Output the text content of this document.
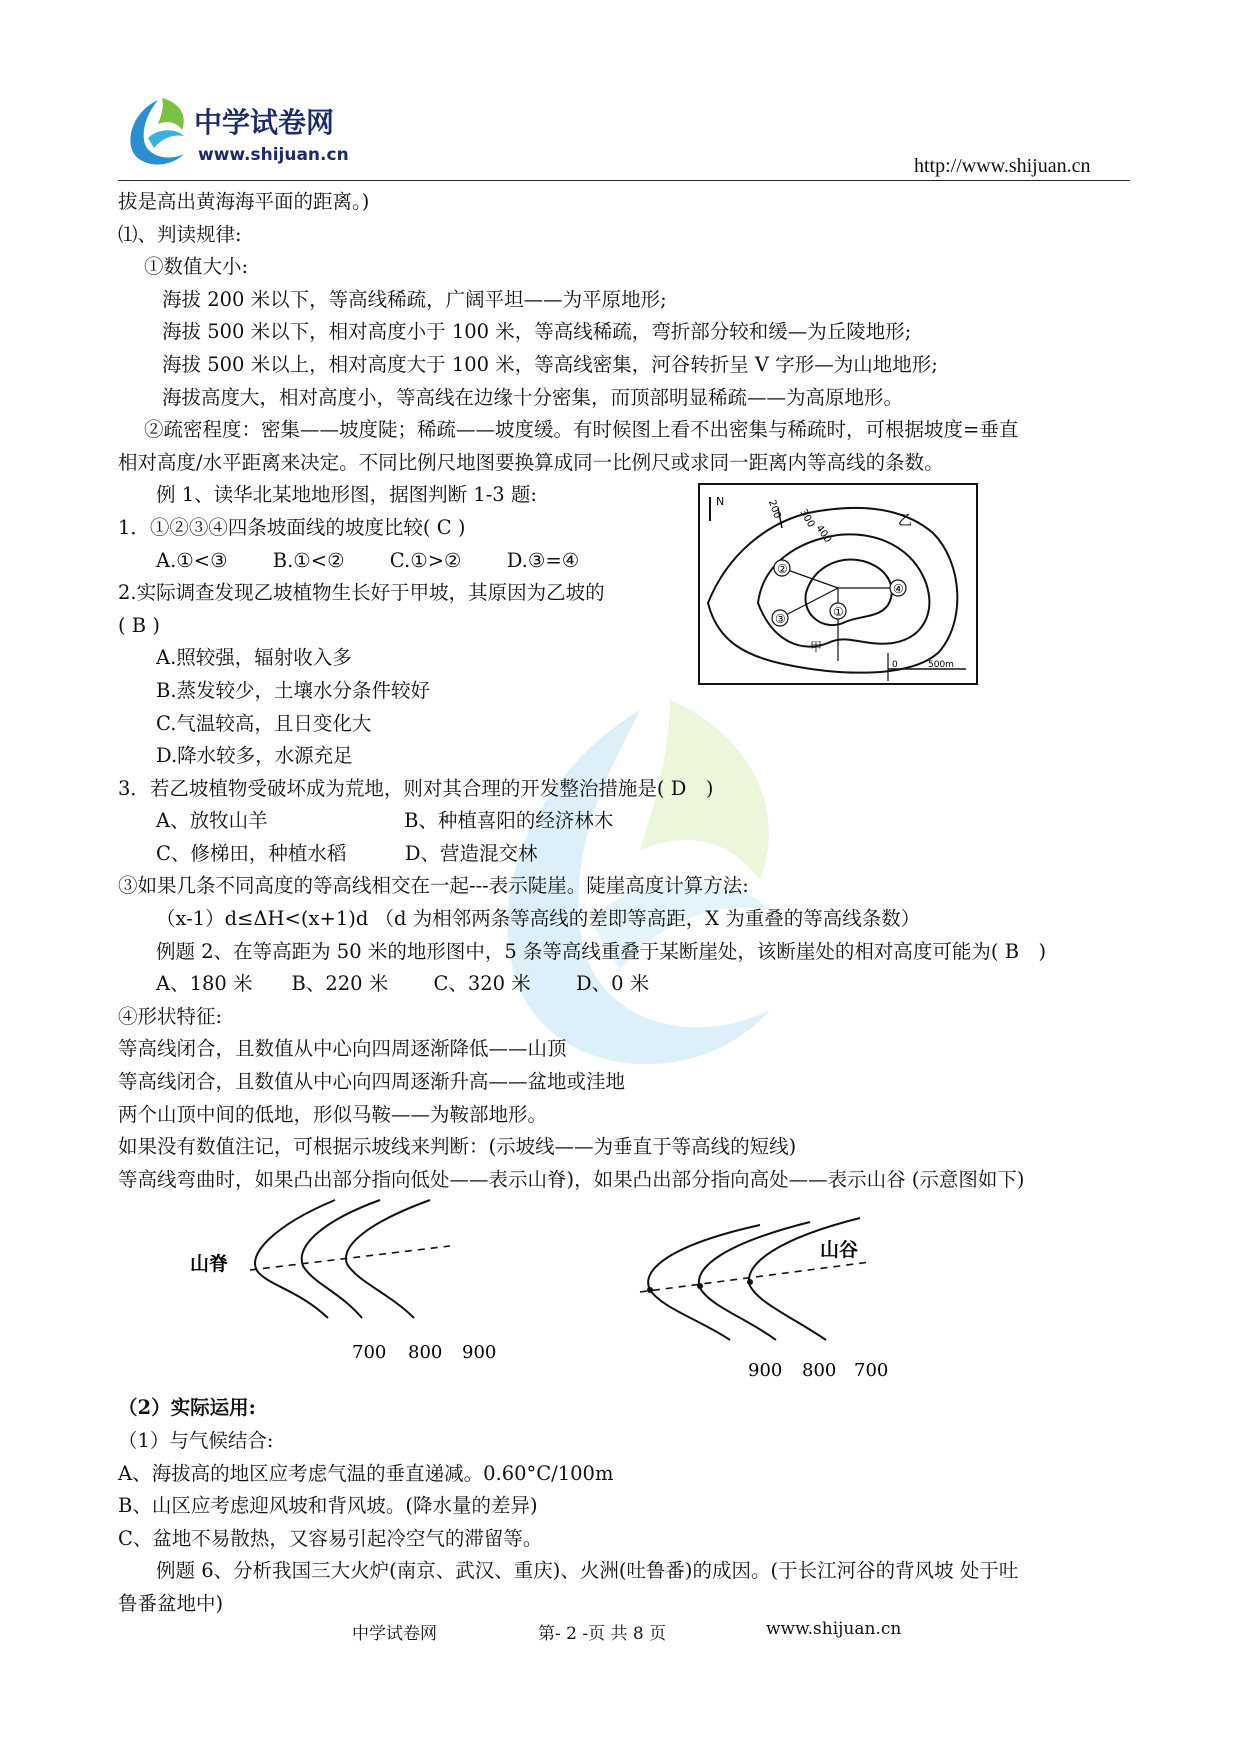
中学试卷网
www.shijuan.cn	http://www.shijuan.cn
拔是高出黄海海平面的距离。)
⑴、判读规律:
①数值大小:
海拔 200 米以下，等高线稀疏，广阔平坦——为平原地形;
海拔 500 米以下，相对高度小于 100 米，等高线稀疏，弯折部分较和缓—为丘陵地形;
海拔 500 米以上，相对高度大于 100 米，等高线密集，河谷转折呈 V 字形—为山地地形;
海拔高度大，相对高度小，等高线在边缘十分密集，而顶部明显稀疏——为高原地形。
②疏密程度：密集——坡度陡；稀疏——坡度缓。有时候图上看不出密集与稀疏时，可根据坡度=垂直
相对高度/水平距离来决定。不同比例尺地图要换算成同一比例尺或求同一距离内等高线的条数。
例 1、读华北某地地形图，据图判断 1-3 题:
1．①②③④四条坡面线的坡度比较( C )
A.①<③　　 B.①<②　　 C.①>②　　 D.③=④
2.实际调查发现乙坡植物生长好于甲坡，其原因为乙坡的
( B )
A.照较强，辐射收入多
B.蒸发较少，土壤水分条件较好
C.气温较高，且日变化大
D.降水较多，水源充足
3．若乙坡植物受破坏成为荒地，则对其合理的开发整治措施是( D　)
A、放牧山羊　　　　　　　B、种植喜阳的经济林木
C、修梯田，种植水稻　　　D、营造混交林
③如果几条不同高度的等高线相交在一起---表示陡崖。陡崖高度计算方法:
（x-1）d≤ΔH<(x+1)d （d 为相邻两条等高线的差即等高距，X 为重叠的等高线条数）
例题 2、在等高距为 50 米的地形图中，5 条等高线重叠于某断崖处，该断崖处的相对高度可能为( B　)
A、180 米　　B、220 米　　 C、320 米　　 D、0 米
④形状特征:
等高线闭合，且数值从中心向四周逐渐降低——山顶
等高线闭合，且数值从中心向四周逐渐升高——盆地或洼地
两个山顶中间的低地，形似马鞍——为鞍部地形。
如果没有数值注记，可根据示坡线来判断：(示坡线——为垂直于等高线的短线)
等高线弯曲时，如果凸出部分指向低处——表示山脊)，如果凸出部分指向高处——表示山谷 (示意图如下)
（2）实际运用:
（1）与气候结合:
A、海拔高的地区应考虑气温的垂直递减。0.60°C/100m
B、山区应考虑迎风坡和背风坡。(降水量的差异)
C、盆地不易散热，又容易引起冷空气的滞留等。
例题 6、分析我国三大火炉(南京、武汉、重庆)、火洲(吐鲁番)的成因。(于长江河谷的背风坡 处于吐
鲁番盆地中)
N	200 300
400
②
③	①
④
甲
乙
0	500m
山脊
700 800 900
山谷
900 800 700
中学试卷网	第- 2 -页 共 8 页	www.shijuan.cn
